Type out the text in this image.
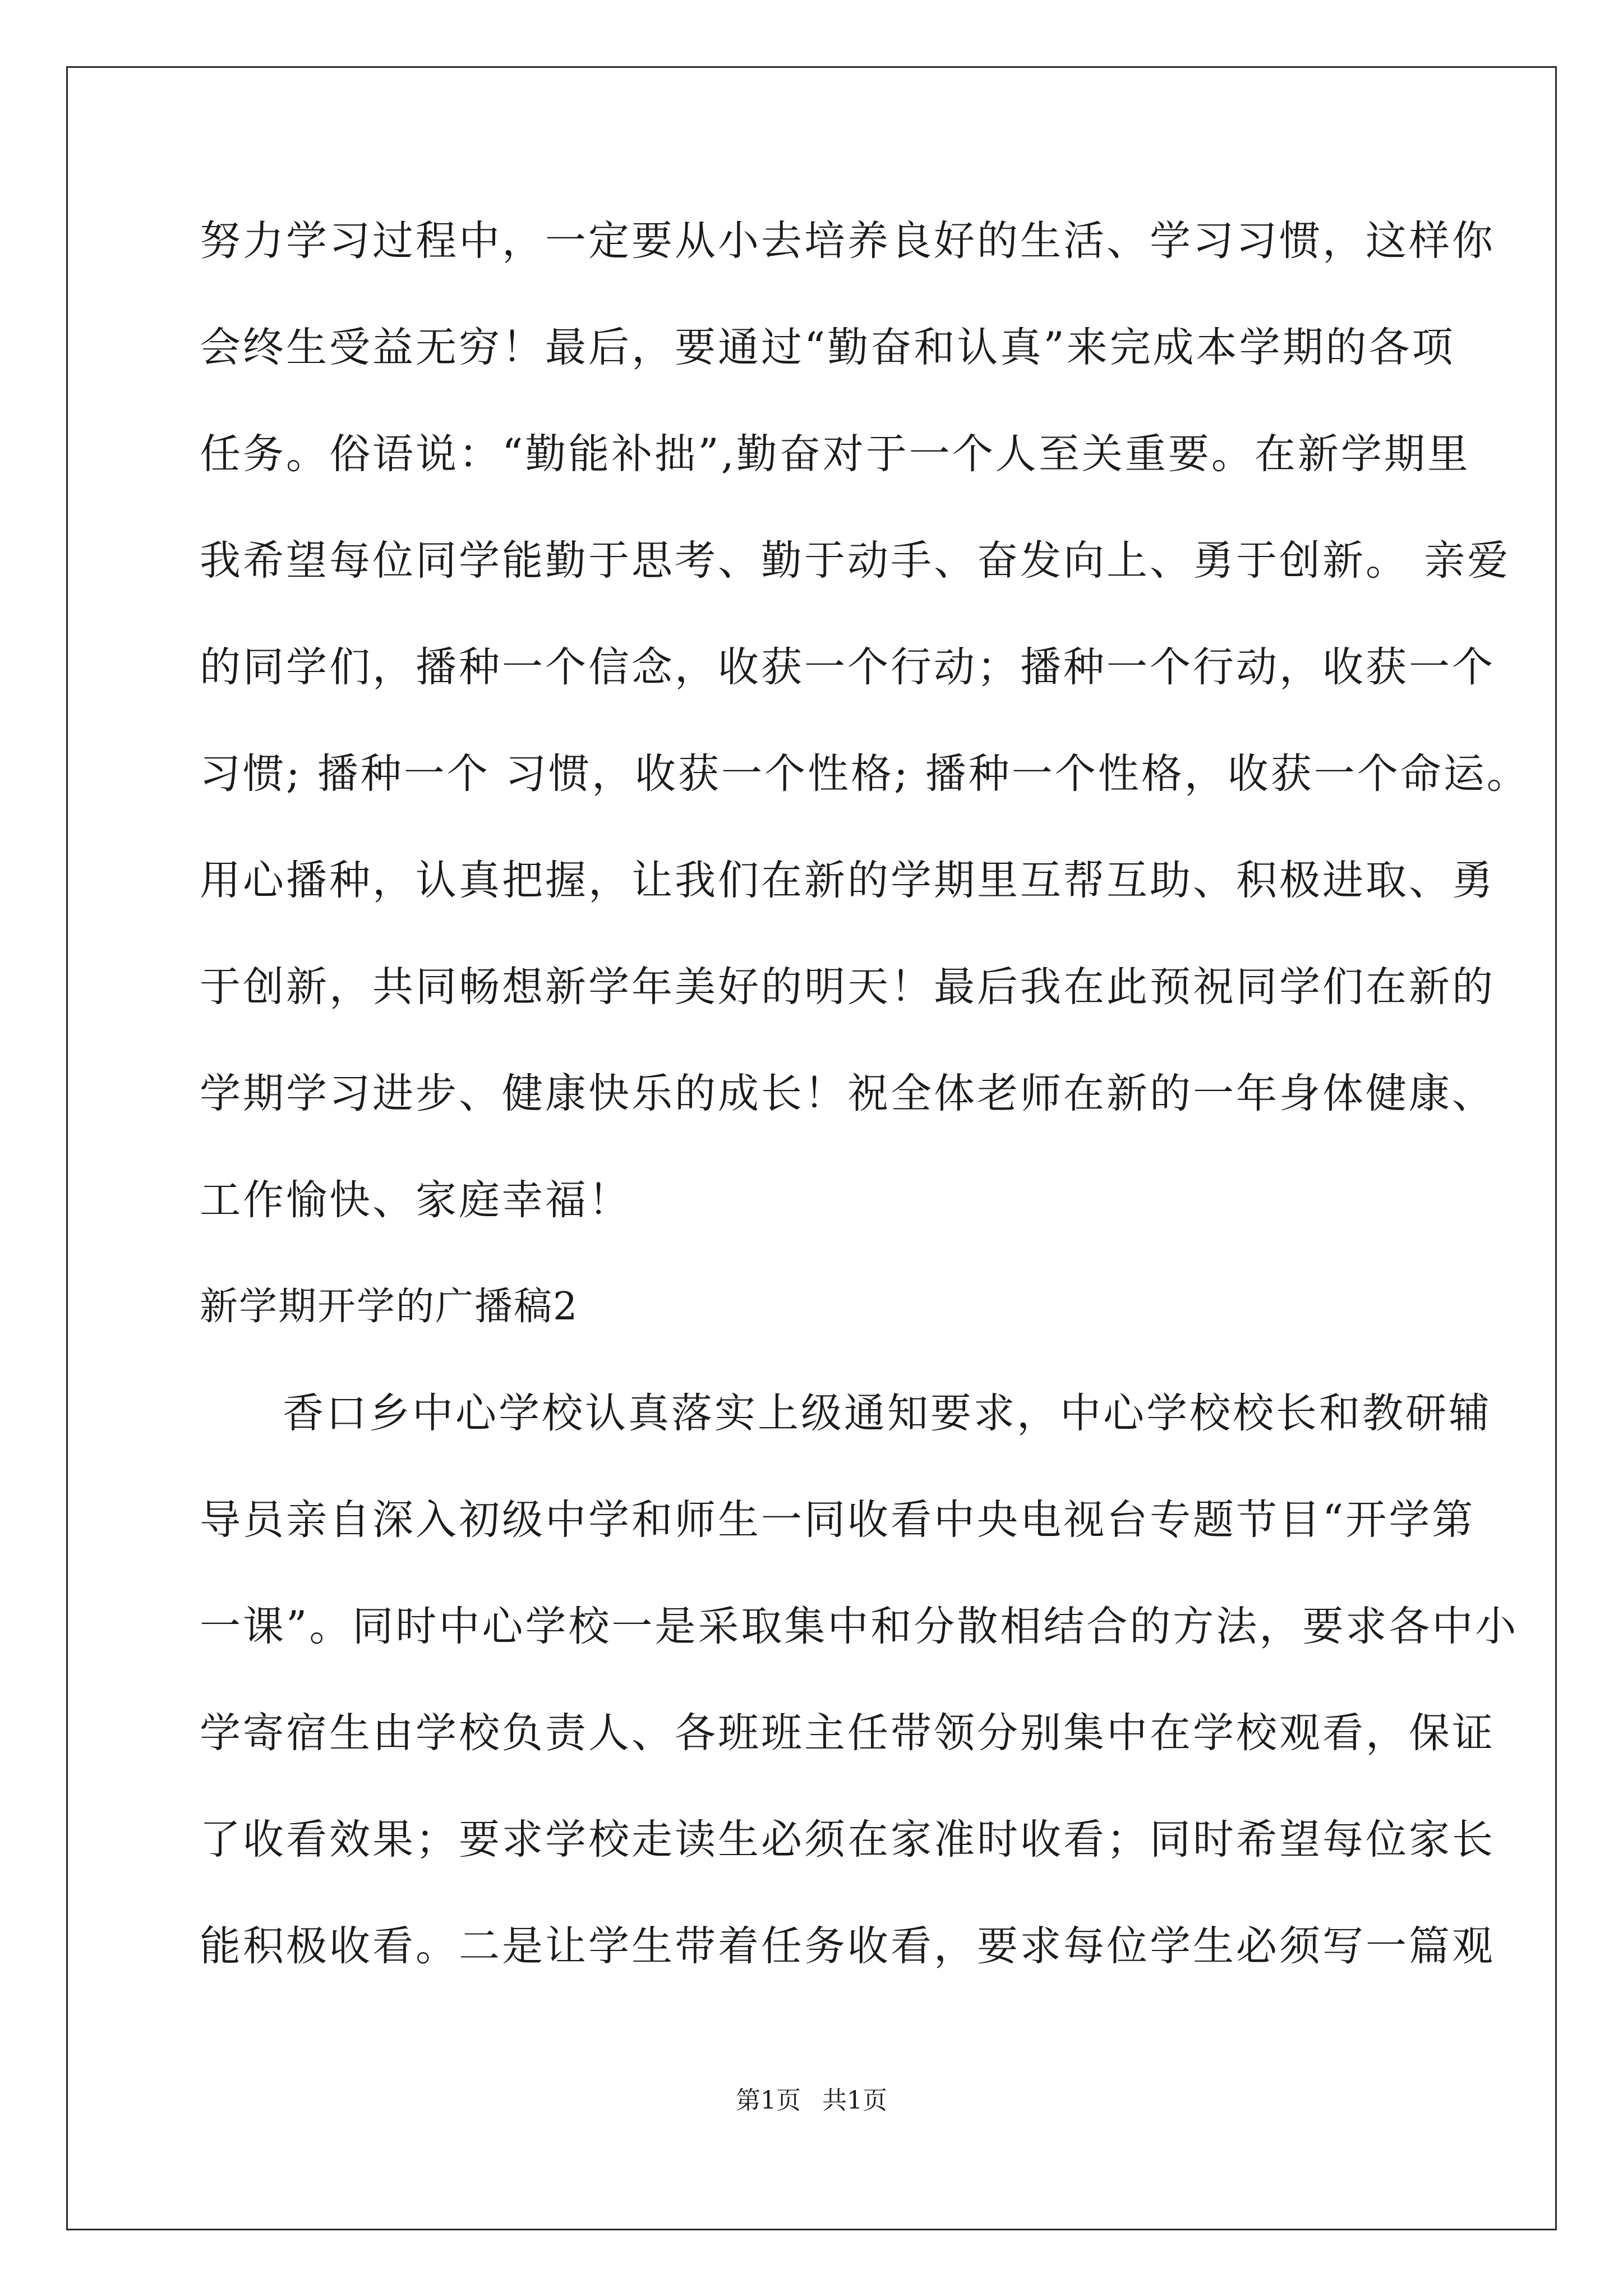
努力学习过程中，一定要从小去培养良好的生活、学习习惯，这样你
会终生受益无穷！最后，要通过“勤奋和认真”来完成本学期的各项
任务。俗语说：“勤能补拙”,勤奋对于一个人至关重要。在新学期里
我希望每位同学能勤于思考、勤于动手、奋发向上、勇于创新。 亲爱
的同学们，播种一个信念，收获一个行动；播种一个行动，收获一个
习惯; 播种一个 习惯，收获一个性格; 播种一个性格，收获一个命运。
用心播种，认真把握，让我们在新的学期里互帮互助、积极进取、勇
于创新，共同畅想新学年美好的明天！最后我在此预祝同学们在新的
学期学习进步、健康快乐的成长！祝全体老师在新的一年身体健康、
工作愉快、家庭幸福！
新学期开学的广播稿2
香口乡中心学校认真落实上级通知要求，中心学校校长和教研辅
导员亲自深入初级中学和师生一同收看中央电视台专题节目“开学第
一课”。同时中心学校一是采取集中和分散相结合的方法，要求各中小
学寄宿生由学校负责人、各班班主任带领分别集中在学校观看，保证
了收看效果；要求学校走读生必须在家准时收看；同时希望每位家长
能积极收看。二是让学生带着任务收看，要求每位学生必须写一篇观
第1页 共1页
